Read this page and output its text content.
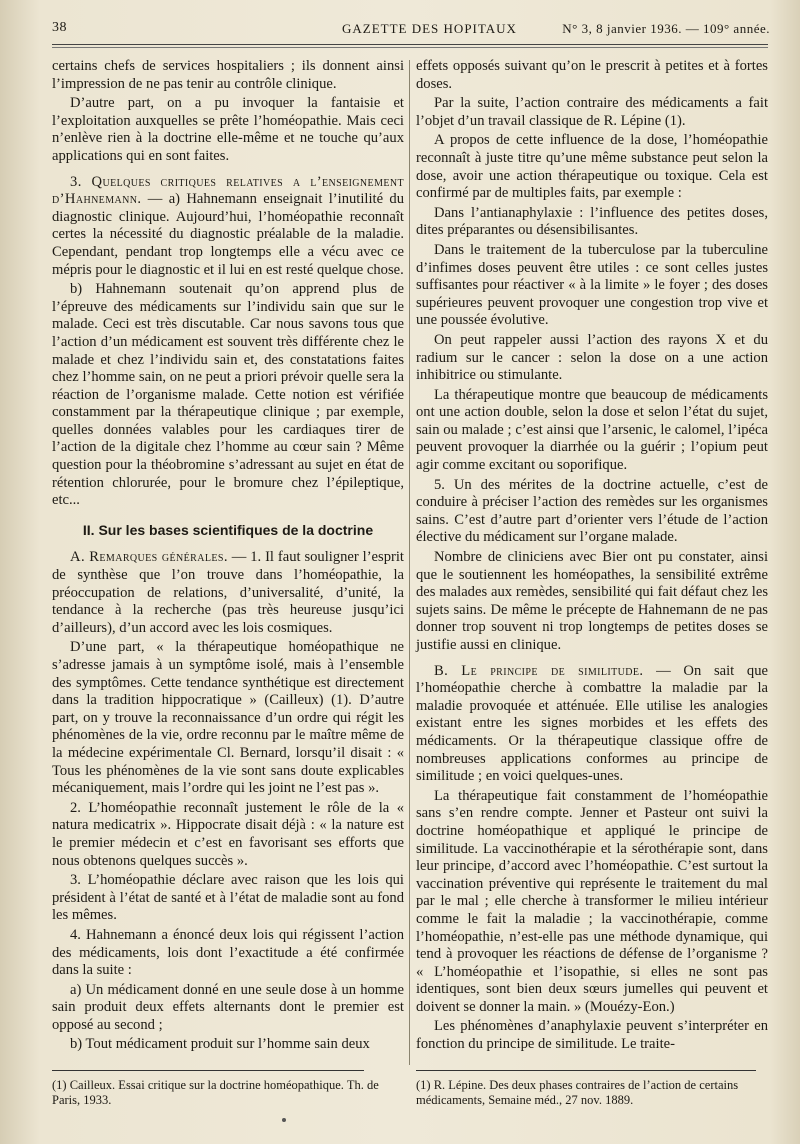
38	GAZETTE DES HOPITAUX	N° 3, 8 janvier 1936. — 109° année.

certains chefs de services hospitaliers ; ils donnent ainsi l’impression de ne pas tenir au contrôle clinique.

D’autre part, on a pu invoquer la fantaisie et l’exploitation auxquelles se prête l’homéopathie. Mais ceci n’enlève rien à la doctrine elle-même et ne touche qu’aux applications qui en sont faites.

3. Quelques critiques relatives a l’enseignement d’Hahnemann. — a) Hahnemann enseignait l’inutilité du diagnostic clinique. Aujourd’hui, l’homéopathie reconnaît certes la nécessité du diagnostic préalable de la maladie. Cependant, pendant trop longtemps elle a vécu avec ce mépris pour le diagnostic et il lui en est resté quelque chose.

b) Hahnemann soutenait qu’on apprend plus de l’épreuve des médicaments sur l’individu sain que sur le malade. Ceci est très discutable. Car nous savons tous que l’action d’un médicament est souvent très différente chez le malade et chez l’individu sain et, des constatations faites chez l’homme sain, on ne peut a priori prévoir quelle sera la réaction de l’organisme malade. Cette notion est vérifiée constamment par la thérapeutique clinique ; par exemple, quelles données valables pour les cardiaques tirer de l’action de la digitale chez l’homme au cœur sain ? Même question pour la théobromine s’adressant au sujet en état de rétention chlorurée, pour le bromure chez l’épileptique, etc...

II. Sur les bases scientifiques de la doctrine

A. Remarques générales. — 1. Il faut souligner l’esprit de synthèse que l’on trouve dans l’homéopathie, la préoccupation de relations, d’universalité, d’unité, la tendance à la recherche (pas très heureuse jusqu’ici d’ailleurs), d’un accord avec les lois cosmiques.

D’une part, « la thérapeutique homéopathique ne s’adresse jamais à un symptôme isolé, mais à l’ensemble des symptômes. Cette tendance synthétique est directement dans la tradition hippocratique » (Cailleux) (1). D’autre part, on y trouve la reconnaissance d’un ordre qui régit les phénomènes de la vie, ordre reconnu par le maître même de la médecine expérimentale Cl. Bernard, lorsqu’il disait : « Tous les phénomènes de la vie sont sans doute explicables mécaniquement, mais l’ordre qui les joint ne l’est pas ».

2. L’homéopathie reconnaît justement le rôle de la « natura medicatrix ». Hippocrate disait déjà : « la nature est le premier médecin et c’est en favorisant ses efforts que nous obtenons quelques succès ».

3. L’homéopathie déclare avec raison que les lois qui président à l’état de santé et à l’état de maladie sont au fond les mêmes.

4. Hahnemann a énoncé deux lois qui régissent l’action des médicaments, lois dont l’exactitude a été confirmée dans la suite :

a) Un médicament donné en une seule dose à un homme sain produit deux effets alternants dont le premier est opposé au second ;

b) Tout médicament produit sur l’homme sain deux

effets opposés suivant qu’on le prescrit à petites et à fortes doses.

Par la suite, l’action contraire des médicaments a fait l’objet d’un travail classique de R. Lépine (1).

A propos de cette influence de la dose, l’homéopathie reconnaît à juste titre qu’une même substance peut selon la dose, avoir une action thérapeutique ou toxique. Cela est confirmé par de multiples faits, par exemple :

Dans l’antianaphylaxie : l’influence des petites doses, dites préparantes ou désensibilisantes.

Dans le traitement de la tuberculose par la tuberculine d’infimes doses peuvent être utiles : ce sont celles justes suffisantes pour réactiver « à la limite » le foyer ; des doses supérieures peuvent provoquer une congestion trop vive et une poussée évolutive.

On peut rappeler aussi l’action des rayons X et du radium sur le cancer : selon la dose on a une action inhibitrice ou stimulante.

La thérapeutique montre que beaucoup de médicaments ont une action double, selon la dose et selon l’état du sujet, sain ou malade ; c’est ainsi que l’arsenic, le calomel, l’ipéca peuvent provoquer la diarrhée ou la guérir ; l’opium peut agir comme excitant ou soporifique.

5. Un des mérites de la doctrine actuelle, c’est de conduire à préciser l’action des remèdes sur les organismes sains. C’est d’autre part d’orienter vers l’étude de l’action élective du médicament sur l’organe malade.

Nombre de cliniciens avec Bier ont pu constater, ainsi que le soutiennent les homéopathes, la sensibilité extrême des malades aux remèdes, sensibilité qui fait défaut chez les sujets sains. De même le précepte de Hahnemann de ne pas donner trop souvent ni trop longtemps de petites doses se justifie aussi en clinique.

B. Le principe de similitude. — On sait que l’homéopathie cherche à combattre la maladie par la maladie provoquée et atténuée. Elle utilise les analogies existant entre les signes morbides et les effets des médicaments. Or la thérapeutique classique offre de nombreuses applications conformes au principe de similitude ; en voici quelques-unes.

La thérapeutique fait constamment de l’homéopathie sans s’en rendre compte. Jenner et Pasteur ont suivi la doctrine homéopathique et appliqué le principe de similitude. La vaccinothérapie et la sérothérapie sont, dans leur principe, d’accord avec l’homéopathie. C’est surtout la vaccination préventive qui représente le traitement du mal par le mal ; elle cherche à transformer le milieu intérieur comme le fait la maladie ; la vaccinothérapie, comme l’homéopathie, n’est-elle pas une méthode dynamique, qui tend à provoquer les réactions de défense de l’organisme ? « L’homéopathie et l’isopathie, si elles ne sont pas identiques, sont bien deux sœurs jumelles qui peuvent et doivent se donner la main. » (Mouézy-Eon.)

Les phénomènes d’anaphylaxie peuvent s’interpréter en fonction du principe de similitude. Le traite-

(1) Cailleux. Essai critique sur la doctrine homéopathique. Th. de Paris, 1933.
(1) R. Lépine. Des deux phases contraires de l’action de certains médicaments, Semaine méd., 27 nov. 1889.
